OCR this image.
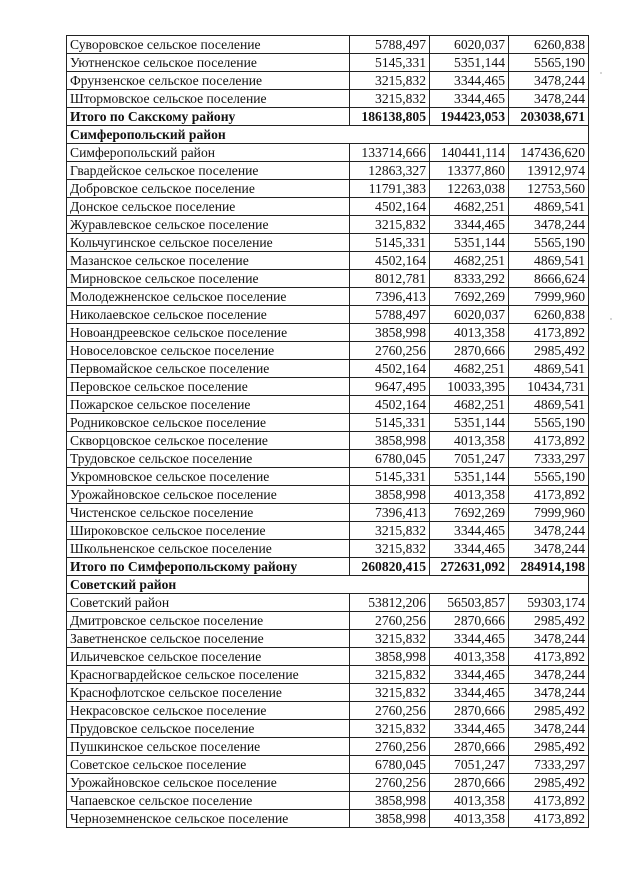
Суворовское сельское поселение	5788,497	6020,037	6260,838
Уютненское сельское поселение	5145,331	5351,144	5565,190
Фрунзенское сельское поселение	3215,832	3344,465	3478,244
Штормовское сельское поселение	3215,832	3344,465	3478,244
Итого по Сакскому району	186138,805	194423,053	203038,671
Симферопольский район			
Симферопольский район	133714,666	140441,114	147436,620
Гвардейское сельское поселение	12863,327	13377,860	13912,974
Добровское сельское поселение	11791,383	12263,038	12753,560
Донское сельское поселение	4502,164	4682,251	4869,541
Журавлевское сельское поселение	3215,832	3344,465	3478,244
Кольчугинское сельское поселение	5145,331	5351,144	5565,190
Мазанское сельское поселение	4502,164	4682,251	4869,541
Мирновское сельское поселение	8012,781	8333,292	8666,624
Молодежненское сельское поселение	7396,413	7692,269	7999,960
Николаевское сельское поселение	5788,497	6020,037	6260,838
Новоандреевское сельское поселение	3858,998	4013,358	4173,892
Новоселовское сельское поселение	2760,256	2870,666	2985,492
Первомайское сельское поселение	4502,164	4682,251	4869,541
Перовское сельское поселение	9647,495	10033,395	10434,731
Пожарское сельское поселение	4502,164	4682,251	4869,541
Родниковское сельское поселение	5145,331	5351,144	5565,190
Скворцовское сельское поселение	3858,998	4013,358	4173,892
Трудовское сельское поселение	6780,045	7051,247	7333,297
Укромновское сельское поселение	5145,331	5351,144	5565,190
Урожайновское сельское поселение	3858,998	4013,358	4173,892
Чистенское сельское поселение	7396,413	7692,269	7999,960
Широковское сельское поселение	3215,832	3344,465	3478,244
Школьненское сельское поселение	3215,832	3344,465	3478,244
Итого по Симферопольскому району	260820,415	272631,092	284914,198
Советский район			
Советский район	53812,206	56503,857	59303,174
Дмитровское сельское поселение	2760,256	2870,666	2985,492
Заветненское сельское поселение	3215,832	3344,465	3478,244
Ильичевское сельское поселение	3858,998	4013,358	4173,892
Красногвардейское сельское поселение	3215,832	3344,465	3478,244
Краснофлотское сельское поселение	3215,832	3344,465	3478,244
Некрасовское сельское поселение	2760,256	2870,666	2985,492
Прудовское сельское поселение	3215,832	3344,465	3478,244
Пушкинское сельское поселение	2760,256	2870,666	2985,492
Советское сельское поселение	6780,045	7051,247	7333,297
Урожайновское сельское поселение	2760,256	2870,666	2985,492
Чапаевское сельское поселение	3858,998	4013,358	4173,892
Черноземненское сельское поселение	3858,998	4013,358	4173,892
